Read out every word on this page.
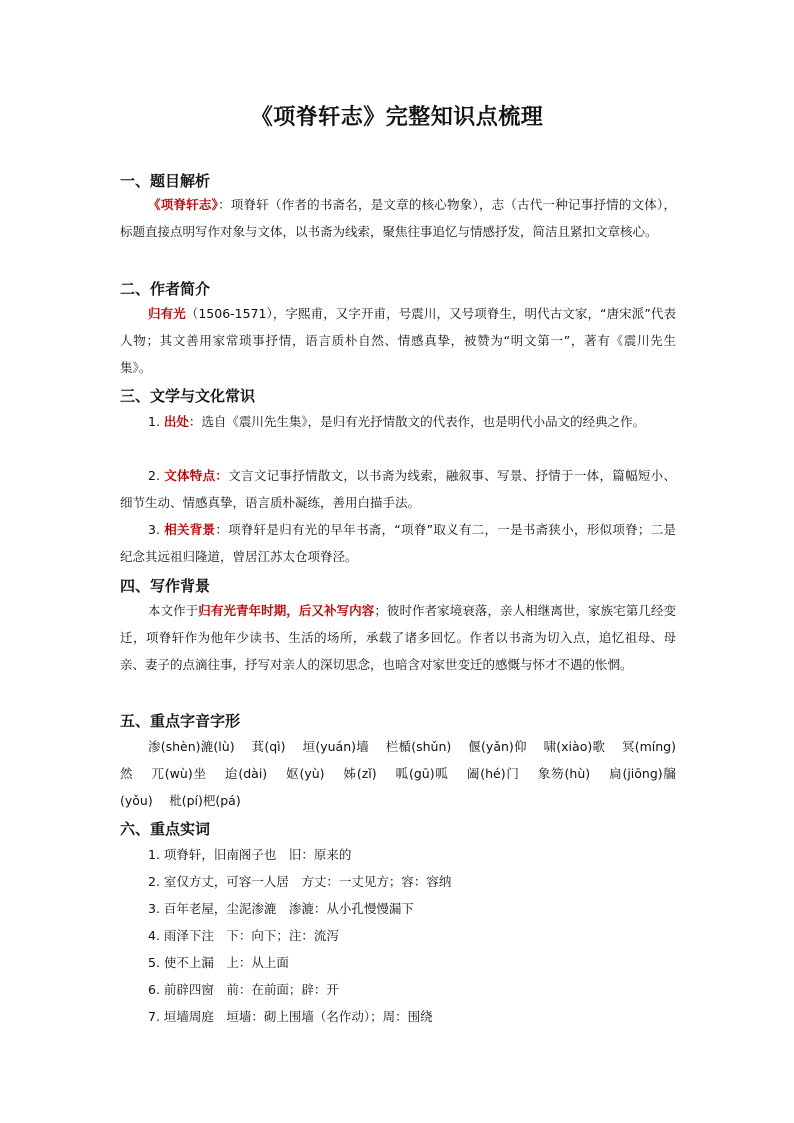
《项脊轩志》完整知识点梳理
一、题目解析
《项脊轩志》：项脊轩（作者的书斋名，是文章的核心物象），志（古代一种记事抒情的文体），标题直接点明写作对象与文体，以书斋为线索，聚焦往事追忆与情感抒发，简洁且紧扣文章核心。
二、作者简介
归有光（1506-1571），字熙甫，又字开甫，号震川，又号项脊生，明代古文家，“唐宋派”代表人物；其文善用家常琐事抒情，语言质朴自然、情感真挚，被赞为“明文第一”，著有《震川先生集》。
三、文学与文化常识
1. 出处：选自《震川先生集》，是归有光抒情散文的代表作，也是明代小品文的经典之作。
2. 文体特点：文言文记事抒情散文，以书斋为线索，融叙事、写景、抒情于一体，篇幅短小、细节生动、情感真挚，语言质朴凝练，善用白描手法。
3. 相关背景：项脊轩是归有光的早年书斋，“项脊”取义有二，一是书斋狭小，形似项脊；二是纪念其远祖归隆道，曾居江苏太仓项脊泾。
四、写作背景
本文作于归有光青年时期，后又补写内容；彼时作者家境衰落，亲人相继离世，家族宅第几经变迁，项脊轩作为他年少读书、生活的场所，承载了诸多回忆。作者以书斋为切入点，追忆祖母、母亲、妻子的点滴往事，抒写对亲人的深切思念，也暗含对家世变迁的感慨与怀才不遇的怅惘。
五、重点字音字形
渗(shèn)漉(lù)　 萁(qì)　 垣(yuán)墙　 栏楯(shǔn)　 偃(yǎn)仰　 啸(xiào)歌　 冥(míng)然　 兀(wù)坐　 迨(dài)　 妪(yù)　 姊(zǐ)　 呱(gū)呱　 阖(hé)门　 象笏(hù)　 扃(jiōng)牖(yǒu)　 枇(pí)杷(pá)
六、重点实词
1. 项脊轩，旧南阁子也　旧：原来的
2. 室仅方丈，可容一人居　方丈：一丈见方；容：容纳
3. 百年老屋，尘泥渗漉　渗漉：从小孔慢慢漏下
4. 雨泽下注　下：向下；注：流泻
5. 使不上漏　上：从上面
6. 前辟四窗　前：在前面；辟：开
7. 垣墙周庭　垣墙：砌上围墙（名作动）；周：围绕
